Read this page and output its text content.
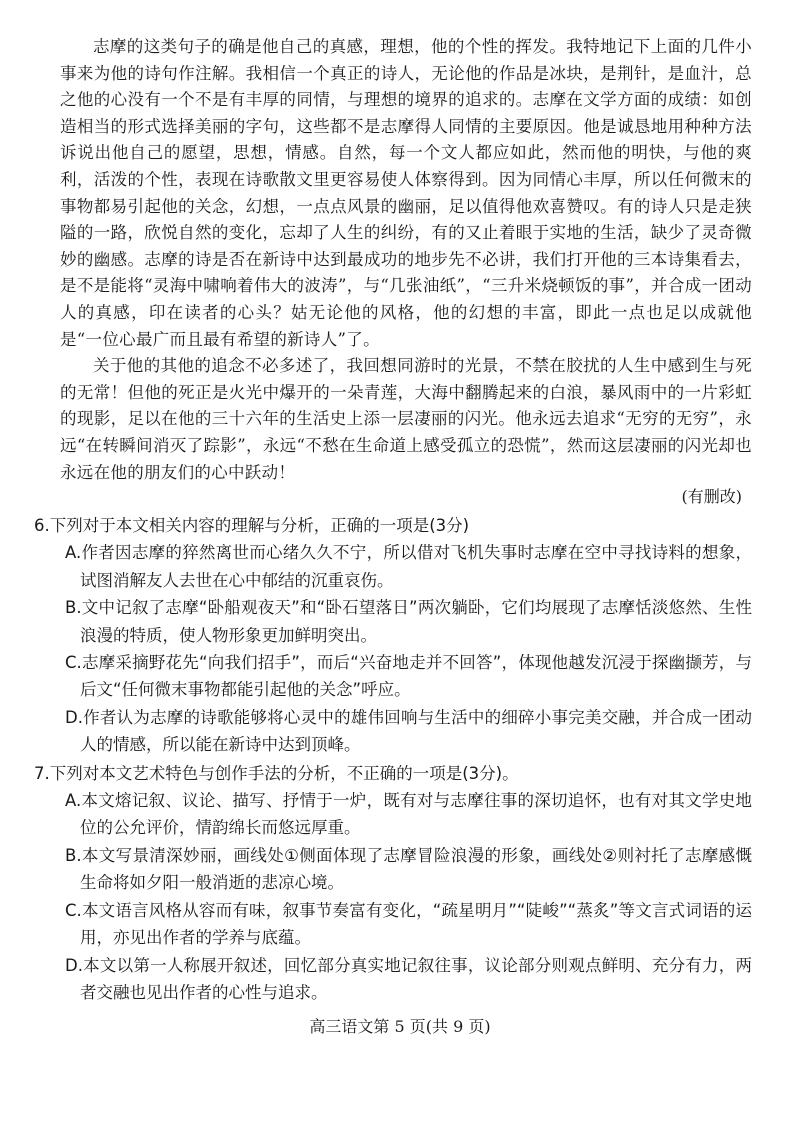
志摩的这类句子的确是他自己的真感，理想，他的个性的挥发。我特地记下上面的几件小事来为他的诗句作注解。我相信一个真正的诗人，无论他的作品是冰块，是荆针，是血汁，总之他的心没有一个不是有丰厚的同情，与理想的境界的追求的。志摩在文学方面的成绩：如创造相当的形式选择美丽的字句，这些都不是志摩得人同情的主要原因。他是诚恳地用种种方法诉说出他自己的愿望，思想，情感。自然，每一个文人都应如此，然而他的明快，与他的爽利，活泼的个性，表现在诗歌散文里更容易使人体察得到。因为同情心丰厚，所以任何微末的事物都易引起他的关念，幻想，一点点风景的幽丽，足以值得他欢喜赞叹。有的诗人只是走狭隘的一路，欣悦自然的变化，忘却了人生的纠纷，有的又止着眼于实地的生活，缺少了灵奇微妙的幽感。志摩的诗是否在新诗中达到最成功的地步先不必讲，我们打开他的三本诗集看去，是不是能将“灵海中啸响着伟大的波涛”，与“几张油纸”，“三升米烧顿饭的事”，并合成一团动人的真感，印在读者的心头？姑无论他的风格，他的幻想的丰富，即此一点也足以成就他是“一位心最广而且最有希望的新诗人”了。

关于他的其他的追念不必多述了，我回想同游时的光景，不禁在胶扰的人生中感到生与死的无常！但他的死正是火光中爆开的一朵青莲，大海中翻腾起来的白浪，暴风雨中的一片彩虹的现影，足以在他的三十六年的生活史上添一层凄丽的闪光。他永远去追求“无穷的无穷”，永远“在转瞬间消灭了踪影”，永远“不愁在生命道上感受孤立的恐慌”，然而这层凄丽的闪光却也永远在他的朋友们的心中跃动！

(有删改)

6.下列对于本文相关内容的理解与分析，正确的一项是(3分)

A.作者因志摩的猝然离世而心绪久久不宁，所以借对飞机失事时志摩在空中寻找诗料的想象，试图消解友人去世在心中郁结的沉重哀伤。

B.文中记叙了志摩“卧船观夜天”和“卧石望落日”两次躺卧，它们均展现了志摩恬淡悠然、生性浪漫的特质，使人物形象更加鲜明突出。

C.志摩采摘野花先“向我们招手”，而后“兴奋地走并不回答”，体现他越发沉浸于探幽撷芳，与后文“任何微末事物都能引起他的关念”呼应。

D.作者认为志摩的诗歌能够将心灵中的雄伟回响与生活中的细碎小事完美交融，并合成一团动人的情感，所以能在新诗中达到顶峰。

7.下列对本文艺术特色与创作手法的分析，不正确的一项是(3分)。

A.本文熔记叙、议论、描写、抒情于一炉，既有对与志摩往事的深切追怀，也有对其文学史地位的公允评价，情韵绵长而悠远厚重。

B.本文写景清深妙丽，画线处①侧面体现了志摩冒险浪漫的形象，画线处②则衬托了志摩感慨生命将如夕阳一般消逝的悲凉心境。

C.本文语言风格从容而有味，叙事节奏富有变化，“疏星明月”“陡峻”“蒸炙”等文言式词语的运用，亦见出作者的学养与底蕴。

D.本文以第一人称展开叙述，回忆部分真实地记叙往事，议论部分则观点鲜明、充分有力，两者交融也见出作者的心性与追求。

高三语文第 5 页(共 9 页)
